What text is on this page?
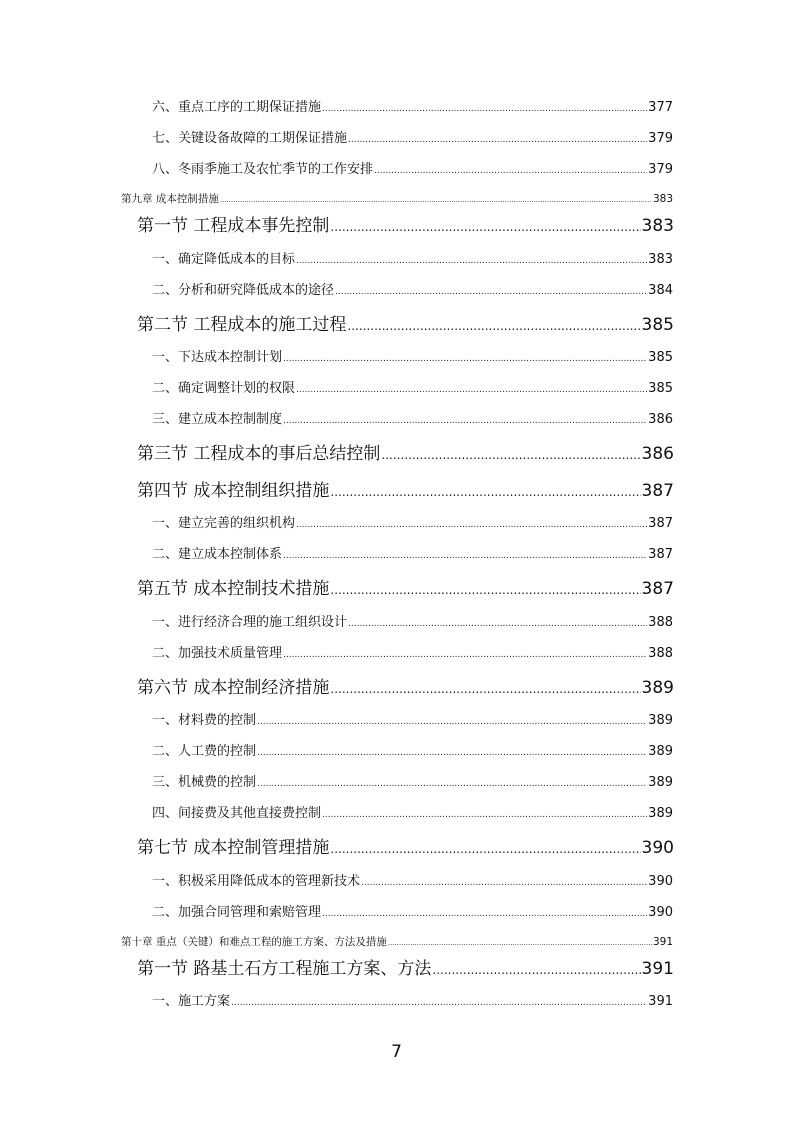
六、重点工序的工期保证措施 .....	377
七、关键设备故障的工期保证措施 .....	379
八、冬雨季施工及农忙季节的工作安排 .....	379
第九章 成本控制措施 .....	383
第一节 工程成本事先控制 .....	383
一、确定降低成本的目标 .....	383
二、分析和研究降低成本的途径 .....	384
第二节 工程成本的施工过程 .....	385
一、下达成本控制计划 .....	385
二、确定调整计划的权限 .....	385
三、建立成本控制制度 .....	386
第三节 工程成本的事后总结控制 .....	386
第四节 成本控制组织措施 .....	387
一、建立完善的组织机构 .....	387
二、建立成本控制体系 .....	387
第五节 成本控制技术措施 .....	387
一、进行经济合理的施工组织设计 .....	388
二、加强技术质量管理 .....	388
第六节 成本控制经济措施 .....	389
一、材料费的控制 .....	389
二、人工费的控制 .....	389
三、机械费的控制 .....	389
四、间接费及其他直接费控制 .....	389
第七节 成本控制管理措施 .....	390
一、积极采用降低成本的管理新技术 .....	390
二、加强合同管理和索赔管理 .....	390
第十章 重点（关键）和难点工程的施工方案、方法及措施 .....	391
第一节 路基土石方工程施工方案、方法 .....	391
一、施工方案 .....	391
7
